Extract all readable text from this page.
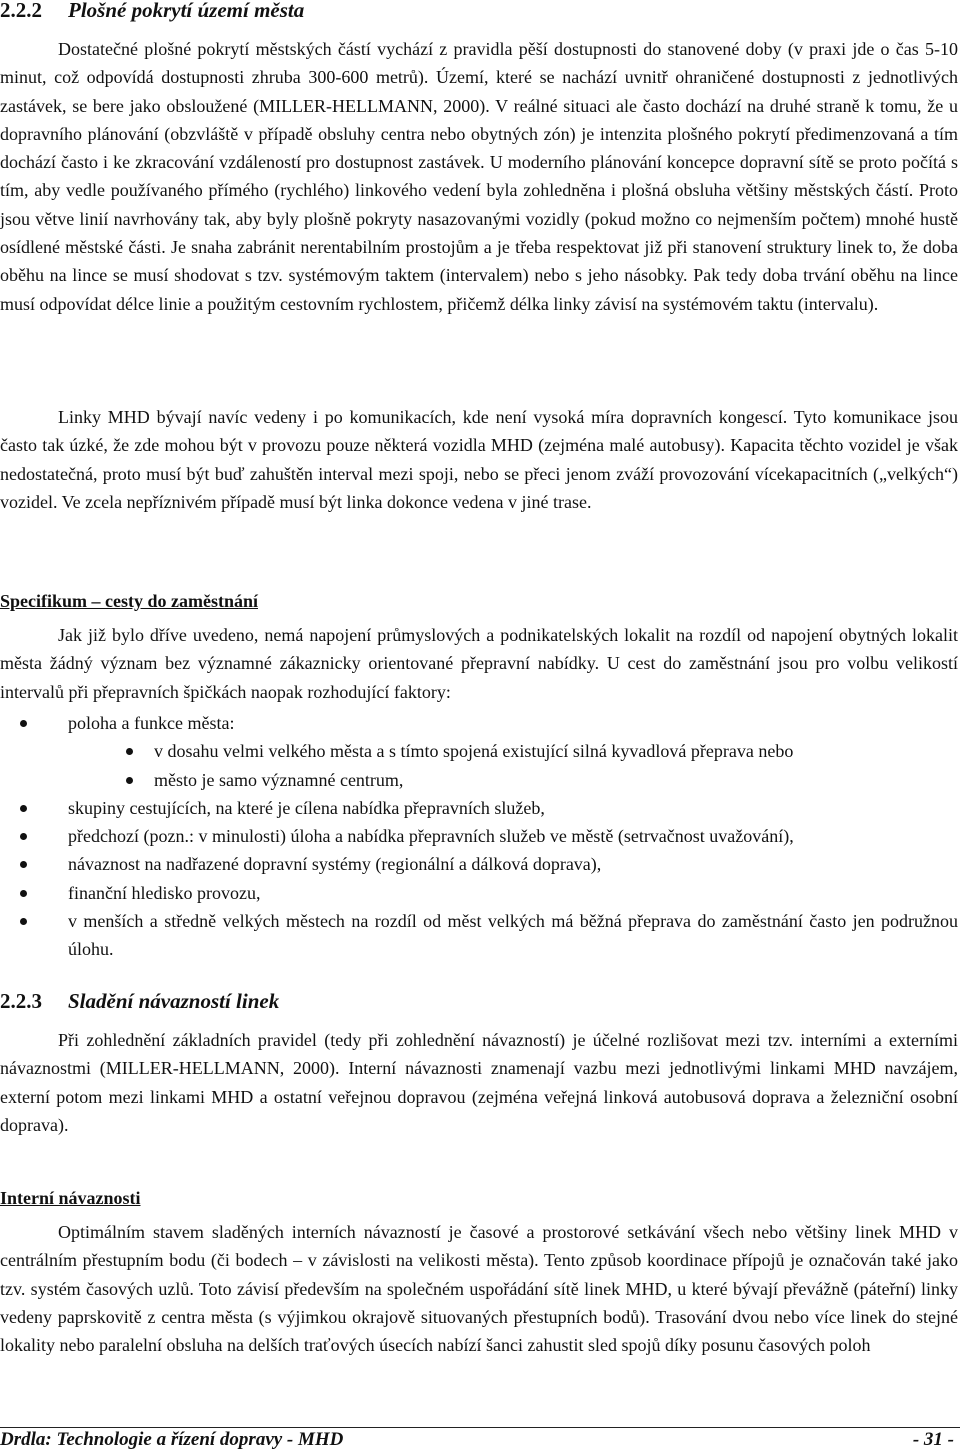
2.2.2 Plošné pokrytí území města

Dostatečné plošné pokrytí městských částí vychází z pravidla pěší dostupnosti do stanovené doby (v praxi jde o čas 5-10 minut, což odpovídá dostupnosti zhruba 300-600 metrů). Území, které se nachází uvnitř ohraničené dostupnosti z jednotlivých zastávek, se bere jako obsloužené (MILLER-HELLMANN, 2000). V reálné situaci ale často dochází na druhé straně k tomu, že u dopravního plánování (obzvláště v případě obsluhy centra nebo obytných zón) je intenzita plošného pokrytí předimenzovaná a tím dochází často i ke zkracování vzdáleností pro dostupnost zastávek. U moderního plánování koncepce dopravní sítě se proto počítá s tím, aby vedle používaného přímého (rychlého) linkového vedení byla zohledněna i plošná obsluha většiny městských částí. Proto jsou větve linií navrhovány tak, aby byly plošně pokryty nasazovanými vozidly (pokud možno co nejmenším počtem) mnohé hustě osídlené městské části. Je snaha zabránit nerentabilním prostojům a je třeba respektovat již při stanovení struktury linek to, že doba oběhu na lince se musí shodovat s tzv. systémovým taktem (intervalem) nebo s jeho násobky. Pak tedy doba trvání oběhu na lince musí odpovídat délce linie a použitým cestovním rychlostem, přičemž délka linky závisí na systémovém taktu (intervalu).

Linky MHD bývají navíc vedeny i po komunikacích, kde není vysoká míra dopravních kongescí. Tyto komunikace jsou často tak úzké, že zde mohou být v provozu pouze některá vozidla MHD (zejména malé autobusy). Kapacita těchto vozidel je však nedostatečná, proto musí být buď zahuštěn interval mezi spoji, nebo se přeci jenom zváží provozování vícekapacitních („velkých“) vozidel. Ve zcela nepříznivém případě musí být linka dokonce vedena v jiné trase.

Specifikum – cesty do zaměstnání

Jak již bylo dříve uvedeno, nemá napojení průmyslových a podnikatelských lokalit na rozdíl od napojení obytných lokalit města žádný význam bez významné zákaznicky orientované přepravní nabídky. U cest do zaměstnání jsou pro volbu velikostí intervalů při přepravních špičkách naopak rozhodující faktory:

poloha a funkce města:
v dosahu velmi velkého města a s tímto spojená existující silná kyvadlová přeprava nebo
město je samo významné centrum,
skupiny cestujících, na které je cílena nabídka přepravních služeb,
předchozí (pozn.: v minulosti) úloha a nabídka přepravních služeb ve městě (setrvačnost uvažování),
návaznost na nadřazené dopravní systémy (regionální a dálková doprava),
finanční hledisko provozu,
v menších a středně velkých městech na rozdíl od měst velkých má běžná přeprava do zaměstnání často jen podružnou úlohu.
2.2.3 Sladění návazností linek

Při zohlednění základních pravidel (tedy při zohlednění návazností) je účelné rozlišovat mezi tzv. interními a externími návaznostmi (MILLER-HELLMANN, 2000). Interní návaznosti znamenají vazbu mezi jednotlivými linkami MHD navzájem, externí potom mezi linkami MHD a ostatní veřejnou dopravou (zejména veřejná linková autobusová doprava a železniční osobní doprava).

Interní návaznosti

Optimálním stavem sladěných interních návazností je časové a prostorové setkávání všech nebo většiny linek MHD v centrálním přestupním bodu (či bodech – v závislosti na velikosti města). Tento způsob koordinace přípojů je označován také jako tzv. systém časových uzlů. Toto závisí především na společném uspořádání sítě linek MHD, u které bývají převážně (páteřní) linky vedeny paprskovitě z centra města (s výjimkou okrajově situovaných přestupních bodů). Trasování dvou nebo více linek do stejné lokality nebo paralelní obsluha na delších traťových úsecích nabízí šanci zahustit sled spojů díky posunu časových poloh

Drdla: Technologie a řízení dopravy - MHD	- 31 -
